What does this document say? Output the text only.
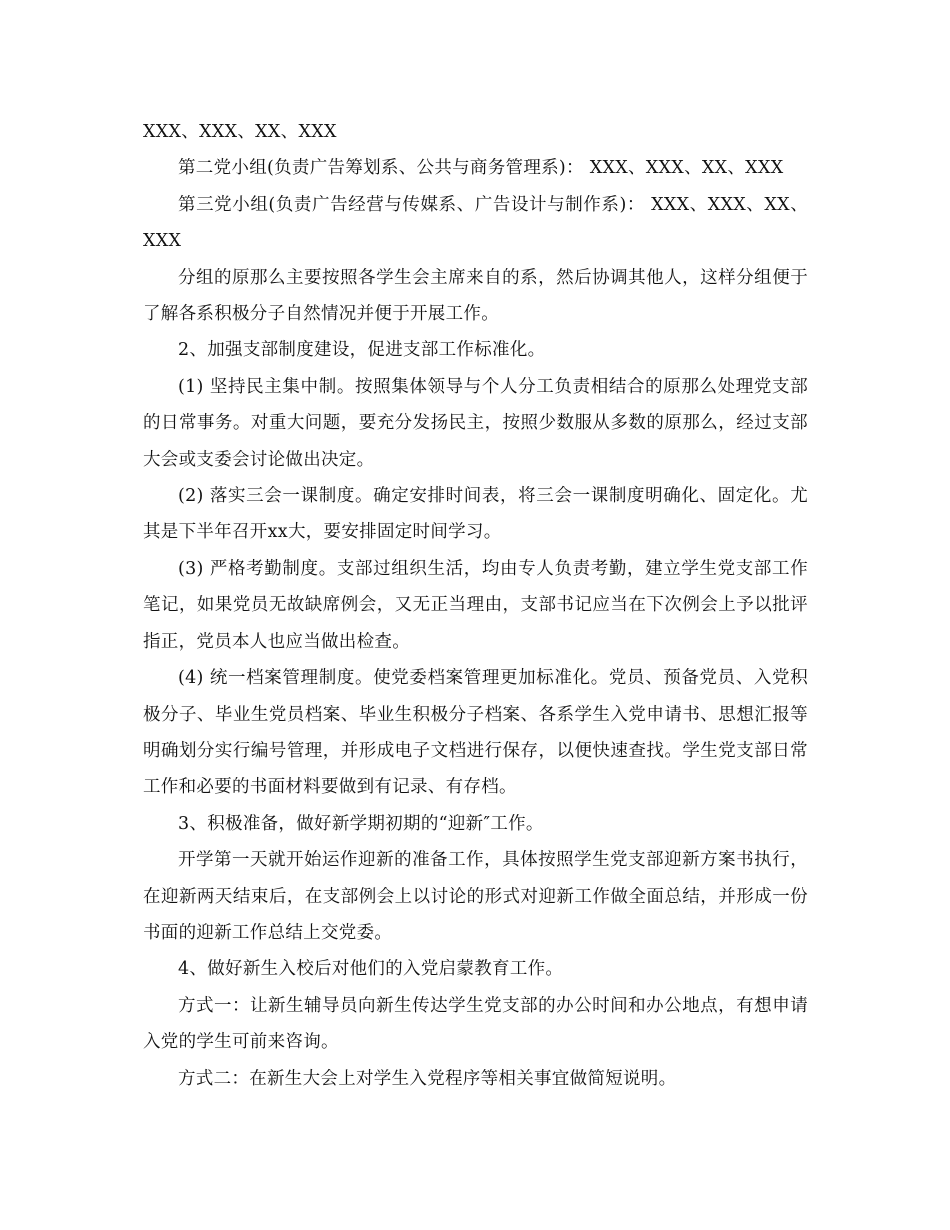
XXX、XXX、XX、XXX

第二党小组(负责广告筹划系、公共与商务管理系)： XXX、XXX、XX、XXX

第三党小组(负责广告经营与传媒系、广告设计与制作系)： XXX、XXX、XX、XXX

分组的原那么主要按照各学生会主席来自的系，然后协调其他人，这样分组便于了解各系积极分子自然情况并便于开展工作。

2、加强支部制度建设，促进支部工作标准化。

(1) 坚持民主集中制。按照集体领导与个人分工负责相结合的原那么处理党支部的日常事务。对重大问题，要充分发扬民主，按照少数服从多数的原那么，经过支部大会或支委会讨论做出决定。

(2) 落实三会一课制度。确定安排时间表，将三会一课制度明确化、固定化。尤其是下半年召开xx大，要安排固定时间学习。

(3) 严格考勤制度。支部过组织生活，均由专人负责考勤，建立学生党支部工作笔记，如果党员无故缺席例会，又无正当理由，支部书记应当在下次例会上予以批评指正，党员本人也应当做出检查。

(4) 统一档案管理制度。使党委档案管理更加标准化。党员、预备党员、入党积极分子、毕业生党员档案、毕业生积极分子档案、各系学生入党申请书、思想汇报等明确划分实行编号管理，并形成电子文档进行保存，以便快速查找。学生党支部日常工作和必要的书面材料要做到有记录、有存档。

3、积极准备，做好新学期初期的“迎新″工作。

开学第一天就开始运作迎新的准备工作，具体按照学生党支部迎新方案书执行，在迎新两天结束后，在支部例会上以讨论的形式对迎新工作做全面总结，并形成一份书面的迎新工作总结上交党委。

4、做好新生入校后对他们的入党启蒙教育工作。

方式一：让新生辅导员向新生传达学生党支部的办公时间和办公地点，有想申请入党的学生可前来咨询。

方式二：在新生大会上对学生入党程序等相关事宜做简短说明。
